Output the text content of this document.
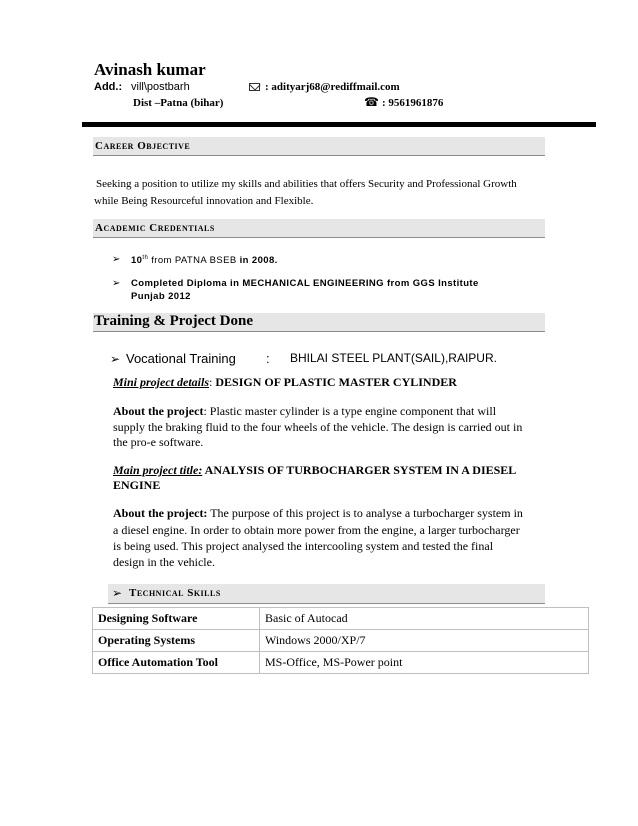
Avinash kumar
Add.: vill\postbarh
Dist –Patna (bihar)
: adityarj68@rediffmail.com
☎ : 9561961876
Career Objective
Seeking a position to utilize my skills and abilities that offers Security and Professional Growth
while Being Resourceful innovation and Flexible.
Academic Credentials
➢ 10th from PATNA BSEB in 2008.
➢ Completed Diploma in MECHANICAL ENGINEERING from GGS Institute
Punjab 2012
Training & Project Done
➢ Vocational Training : BHILAI STEEL PLANT(SAIL),RAIPUR.
Mini project details: DESIGN OF PLASTIC MASTER CYLINDER
About the project: Plastic master cylinder is a type engine component that will
supply the braking fluid to the four wheels of the vehicle. The design is carried out in
the pro-e software.
Main project title: ANALYSIS OF TURBOCHARGER SYSTEM IN A DIESEL
ENGINE
About the project: The purpose of this project is to analyse a turbocharger system in
a diesel engine. In order to obtain more power from the engine, a larger turbocharger
is being used. This project analysed the intercooling system and tested the final
design in the vehicle.
➢ Technical Skills
Designing Software	Basic of Autocad
Operating Systems	Windows 2000/XP/7
Office Automation Tool	MS-Office, MS-Power point
